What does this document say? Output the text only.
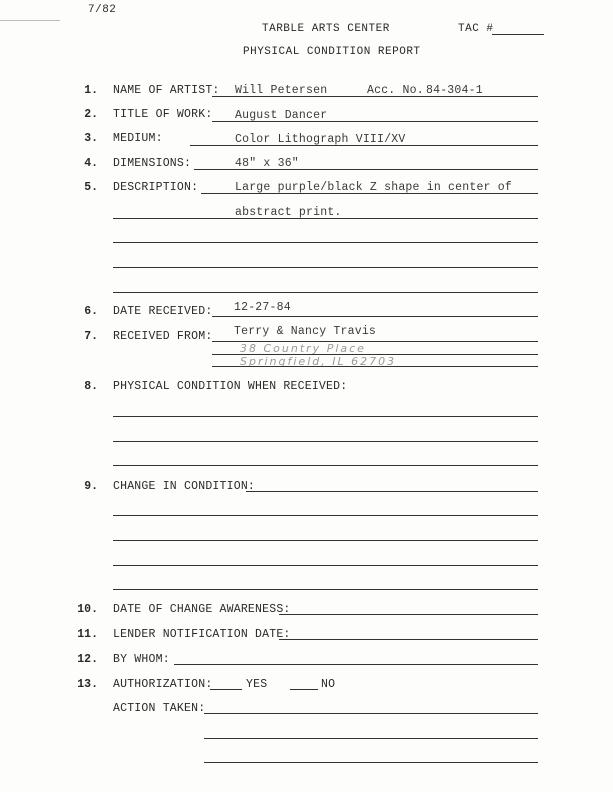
7/82
TARBLE ARTS CENTER	TAC #
PHYSICAL CONDITION REPORT
1. NAME OF ARTIST: Will Petersen	Acc. No. 84-304-1
2. TITLE OF WORK: August Dancer
3. MEDIUM:	Color Lithograph VIII/XV
4. DIMENSIONS:	48" x 36"
5. DESCRIPTION:	Large purple/black Z shape in center of
abstract print.
6. DATE RECEIVED: 12-27-84
7. RECEIVED FROM: Terry & Nancy Travis
38 Country Place
Springfield, IL 62703
8. PHYSICAL CONDITION WHEN RECEIVED:
9. CHANGE IN CONDITION:
10. DATE OF CHANGE AWARENESS:
11. LENDER NOTIFICATION DATE:
12. BY WHOM:
13. AUTHORIZATION:	YES	NO
ACTION TAKEN:
